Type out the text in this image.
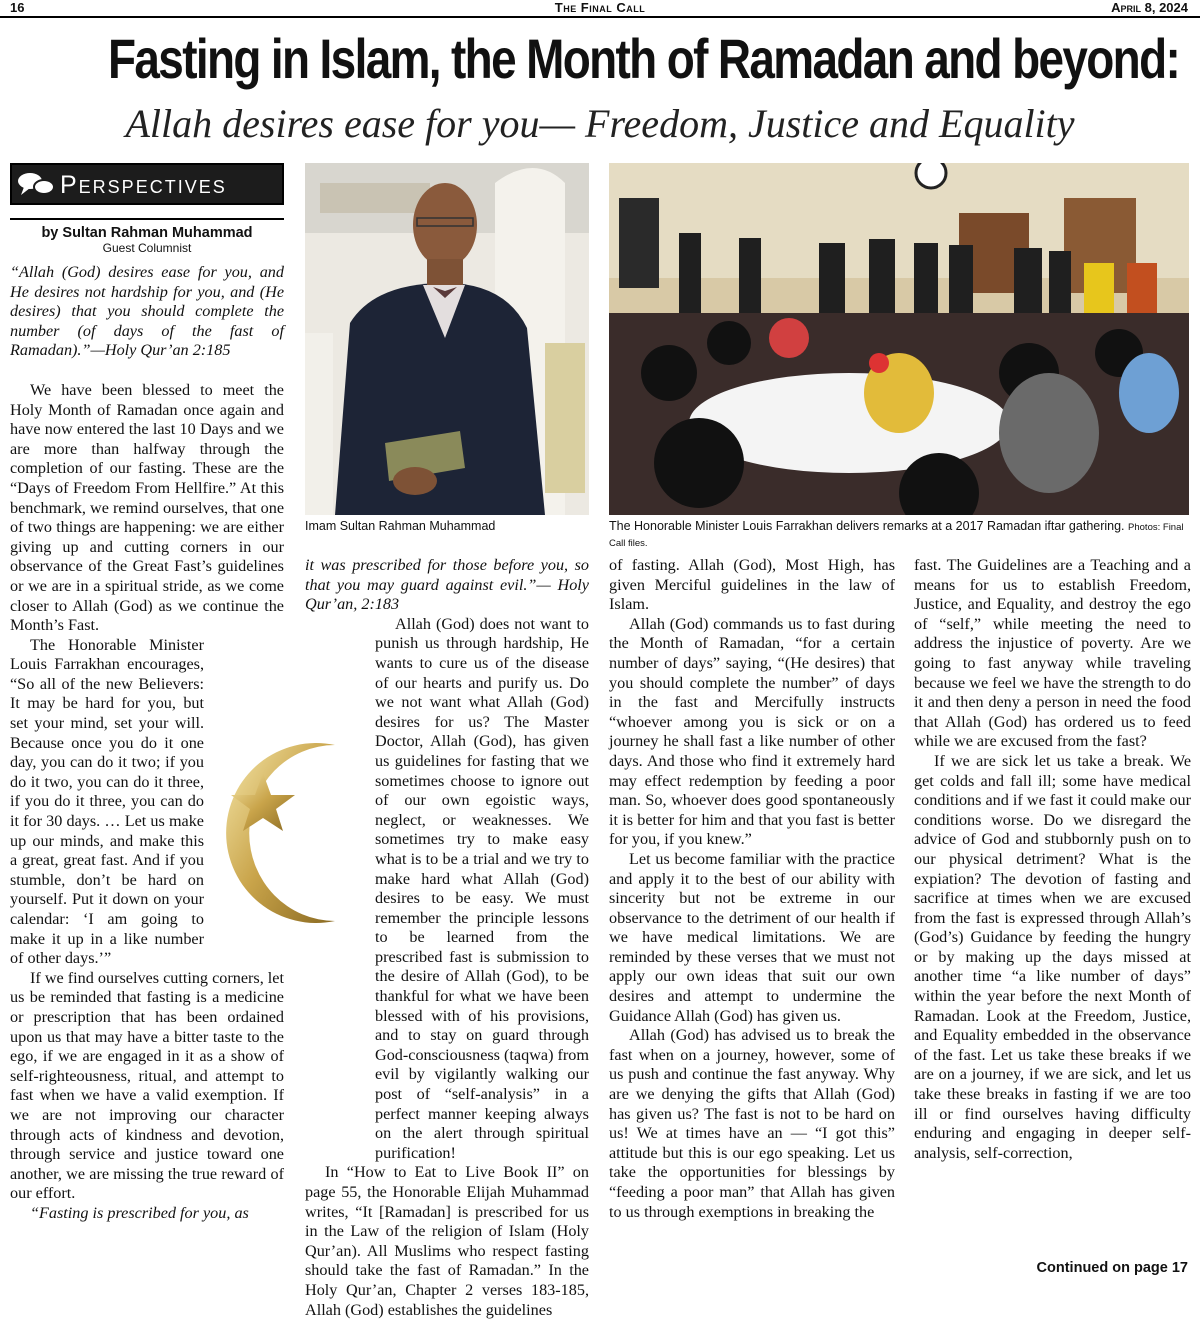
16	The Final Call	April 8, 2024
Fasting in Islam, the Month of Ramadan and beyond:
Allah desires ease for you— Freedom, Justice and Equality
Perspectives
by Sultan Rahman Muhammad
Guest Columnist

“Allah (God) desires ease for you, and He desires not hardship for you, and (He desires) that you should complete the number (of days of the fast of Ramadan).”—Holy Qur’an 2:185

We have been blessed to meet the Holy Month of Ramadan once again and have now entered the last 10 Days and we are more than halfway through the completion of our fasting. These are the “Days of Freedom From Hellfire.” At this benchmark, we remind ourselves, that one of two things are happening: we are either giving up and cutting corners in our observance of the Great Fast’s guidelines or we are in a spiritual stride, as we come closer to Allah (God) as we continue the Month’s Fast.

The Honorable Minister Louis Farrakhan encourages, “So all of the new Believers: It may be hard for you, but set your mind, set your will. Because once you do it one day, you can do it two; if you do it two, you can do it three, if you do it three, you can do it for 30 days. … Let us make up our minds, and make this a great, great fast. And if you stumble, don’t be hard on yourself. Put it down on your calendar: ‘I am going to make it up in a like number of other days.’”

If we find ourselves cutting corners, let us be reminded that fasting is a medicine or prescription that has been ordained upon us that may have a bitter taste to the ego, if we are engaged in it as a show of self-righteousness, ritual, and attempt to fast when we have a valid exemption. If we are not improving our character through acts of kindness and devotion, through service and justice toward one another, we are missing the true reward of our effort.

“Fasting is prescribed for you, as

Imam Sultan Rahman Muhammad	The Honorable Minister Louis Farrakhan delivers remarks at a 2017 Ramadan iftar gathering. Photos: Final Call files.

it was prescribed for those before you, so that you may guard against evil.”— Holy Qur’an, 2:183

Allah (God) does not want to punish us through hardship, He wants to cure us of the disease of our hearts and purify us. Do we not want what Allah (God) desires for us? The Master Doctor, Allah (God), has given us guidelines for fasting that we sometimes choose to ignore out of our own egoistic ways, neglect, or weaknesses. We sometimes try to make easy what is to be a trial and we try to make hard what Allah (God) desires to be easy. We must remember the principle lessons to be learned from the prescribed fast is submission to the desire of Allah (God), to be thankful for what we have been blessed with of his provisions, and to stay on guard through God-consciousness (taqwa) from evil by vigilantly walking our post of “self-analysis” in a perfect manner keeping always on the alert through spiritual purification!

In “How to Eat to Live Book II” on page 55, the Honorable Elijah Muhammad writes, “It [Ramadan] is prescribed for us in the Law of the religion of Islam (Holy Qur’an). All Muslims who respect fasting should take the fast of Ramadan.” In the Holy Qur’an, Chapter 2 verses 183-185, Allah (God) establishes the guidelines

of fasting. Allah (God), Most High, has given Merciful guidelines in the law of Islam.

Allah (God) commands us to fast during the Month of Ramadan, “for a certain number of days” saying, “(He desires) that you should complete the number” of days in the fast and Mercifully instructs “whoever among you is sick or on a journey he shall fast a like number of other days. And those who find it extremely hard may effect redemption by feeding a poor man. So, whoever does good spontaneously it is better for him and that you fast is better for you, if you knew.”

Let us become familiar with the practice and apply it to the best of our ability with sincerity but not be extreme in our observance to the detriment of our health if we have medical limitations. We are reminded by these verses that we must not apply our own ideas that suit our own desires and attempt to undermine the Guidance Allah (God) has given us.

Allah (God) has advised us to break the fast when on a journey, however, some of us push and continue the fast anyway. Why are we denying the gifts that Allah (God) has given us? The fast is not to be hard on us! We at times have an — “I got this” attitude but this is our ego speaking. Let us take the opportunities for blessings by “feeding a poor man” that Allah has given to us through exemptions in breaking the

fast. The Guidelines are a Teaching and a means for us to establish Freedom, Justice, and Equality, and destroy the ego of “self,” while meeting the need to address the injustice of poverty. Are we going to fast anyway while traveling because we feel we have the strength to do it and then deny a person in need the food that Allah (God) has ordered us to feed while we are excused from the fast?

If we are sick let us take a break. We get colds and fall ill; some have medical conditions and if we fast it could make our conditions worse. Do we disregard the advice of God and stubbornly push on to our physical detriment? What is the expiation? The devotion of fasting and sacrifice at times when we are excused from the fast is expressed through Allah’s (God’s) Guidance by feeding the hungry or by making up the days missed at another time “a like number of days” within the year before the next Month of Ramadan. Look at the Freedom, Justice, and Equality embedded in the observance of the fast. Let us take these breaks if we are on a journey, if we are sick, and let us take these breaks in fasting if we are too ill or find ourselves having difficulty enduring and engaging in deeper self-analysis, self-correction,

Continued on page 17
